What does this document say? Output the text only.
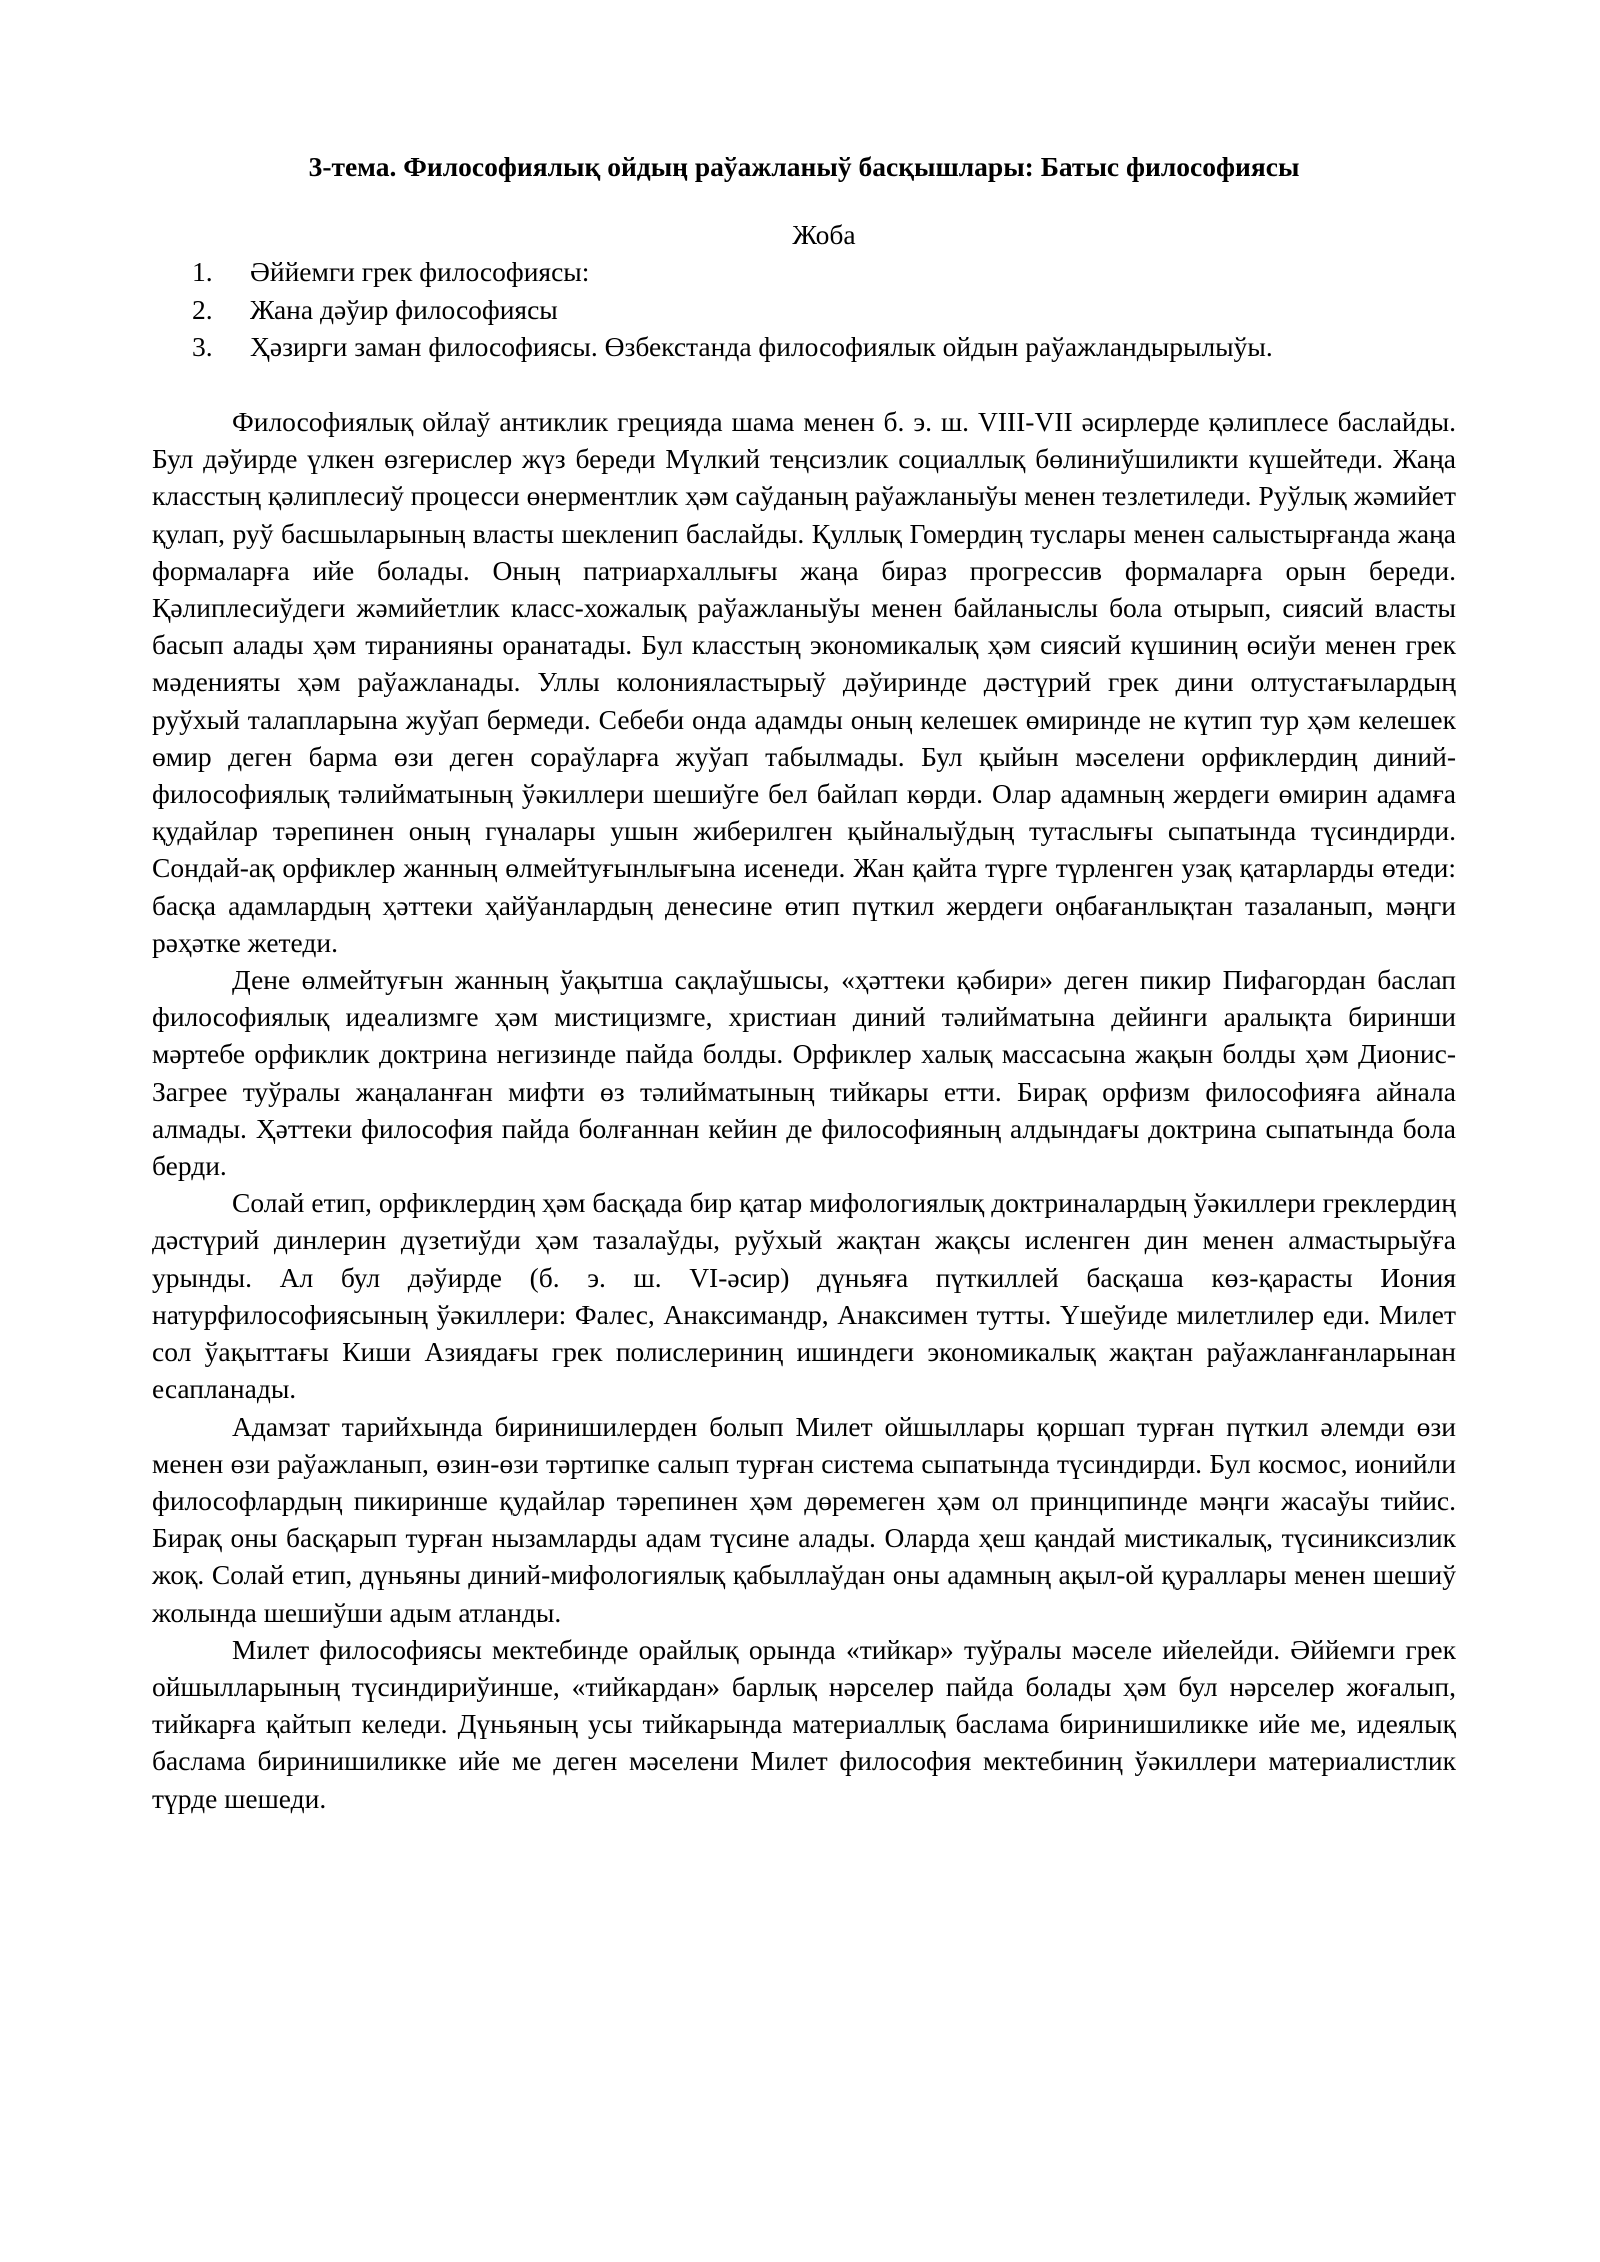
3-тема. Философиялық ойдың раўажланыў басқышлары: Батыс философиясы

Жоба

1.	Әййемги грек философиясы:
2.	Жана дәўир философиясы
3.	Ҳәзирги заман философиясы. Өзбекстанда философиялык ойдын раўажландырылыўы.

Философиялық ойлаў антиклик грецияда шама менен б. э. ш. VIII-VII әсирлерде қәлиплесе баслайды. Бул дәўирде үлкен өзгерислер жүз береди Мүлкий теңсизлик социаллық бөлиниўшиликти күшейтеди. Жаңа класстың қәлиплесиў процесси өнерментлик ҳәм саўданың раўажланыўы менен тезлетиледи. Руўлық жәмийет қулап, руў басшыларының власты шекленип баслайды. Қуллық Гомердиң туслары менен салыстырғанда жаңа формаларға ийе болады. Оның патриархаллығы жаңа бираз прогрессив формаларға орын береди. Қәлиплесиўдеги жәмийетлик класс-хожалық раўажланыўы менен байланыслы бола отырып, сиясий власты басып алады ҳәм тиранияны оранатады. Бул класстың экономикалық ҳәм сиясий күшиниң өсиўи менен грек мәденияты ҳәм раўажланады. Уллы колонияластырыў дәўиринде дәстүрий грек дини олтустағылардың руўхый талапларына жуўап бермеди. Себеби онда адамды оның келешек өмиринде не күтип тур ҳәм келешек өмир деген барма өзи деген сораўларға жуўап табылмады. Бул қыйын мәселени орфиклердиң диний-философиялық тәлийматының ўәкиллери шешиўге бел байлап көрди. Олар адамның жердеги өмирин адамға қудайлар тәрепинен оның гүналары ушын жиберилген қыйналыўдың тутаслығы сыпатында түсиндирди. Сондай-ақ орфиклер жанның өлмейтуғынлығына исенеди. Жан қайта түрге түрленген узақ қатарларды өтеди: басқа адамлардың ҳәттеки ҳайўанлардың денесине өтип пүткил жердеги оңбағанлықтан тазаланып, мәңги рәҳәтке жетеди.

Дене өлмейтуғын жанның ўақытша сақлаўшысы, «ҳәттеки қәбири» деген пикир Пифагордан баслап философиялық идеализмге ҳәм мистицизмге, христиан диний тәлийматына дейинги аралықта биринши мәртебе орфиклик доктрина негизинде пайда болды. Орфиклер халық массасына жақын болды ҳәм Дионис-Загрее туўралы жаңаланған мифти өз тәлийматының тийкары етти. Бирақ орфизм философияға айнала алмады. Ҳәттеки философия пайда болғаннан кейин де философияның алдындағы доктрина сыпатында бола берди.

Солай етип, орфиклердиң ҳәм басқада бир қатар мифологиялық доктриналардың ўәкиллери греклердиң дәстүрий динлерин дүзетиўди ҳәм тазалаўды, руўхый жақтан жақсы исленген дин менен алмастырыўға урынды. Ал бул дәўирде (б. э. ш. VI-әсир) дүньяға пүткиллей басқаша көз-қарасты Иония натурфилософиясының ўәкиллери: Фалес, Анаксимандр, Анаксимен тутты. Үшеўиде милетлилер еди. Милет сол ўақыттағы Киши Азиядағы грек полислериниң ишиндеги экономикалық жақтан раўажланғанларынан есапланады.

Адамзат тарийхында биринишилерден болып Милет ойшыллары қоршап турған пүткил әлемди өзи менен өзи раўажланып, өзин-өзи тәртипке салып турған система сыпатында түсиндирди. Бул космос, ионийли философлардың пикиринше қудайлар тәрепинен ҳәм дөремеген ҳәм ол принципинде мәңги жасаўы тийис. Бирақ оны басқарып турған нызамларды адам түсине алады. Оларда ҳеш қандай мистикалық, түсиниксизлик жоқ. Солай етип, дүньяны диний-мифологиялық қабыллаўдан оны адамның ақыл-ой қураллары менен шешиў жолында шешиўши адым атланды.

Милет философиясы мектебинде орайлық орында «тийкар» туўралы мәселе ийелейди. Әййемги грек ойшылларының түсиндириўинше, «тийкардан» барлық нәрселер пайда болады ҳәм бул нәрселер жоғалып, тийкарға қайтып келеди. Дүньяның усы тийкарында материаллық баслама биринишиликке ийе ме, идеялық баслама биринишиликке ийе ме деген мәселени Милет философия мектебиниң ўәкиллери материалистлик түрде шешеди.
